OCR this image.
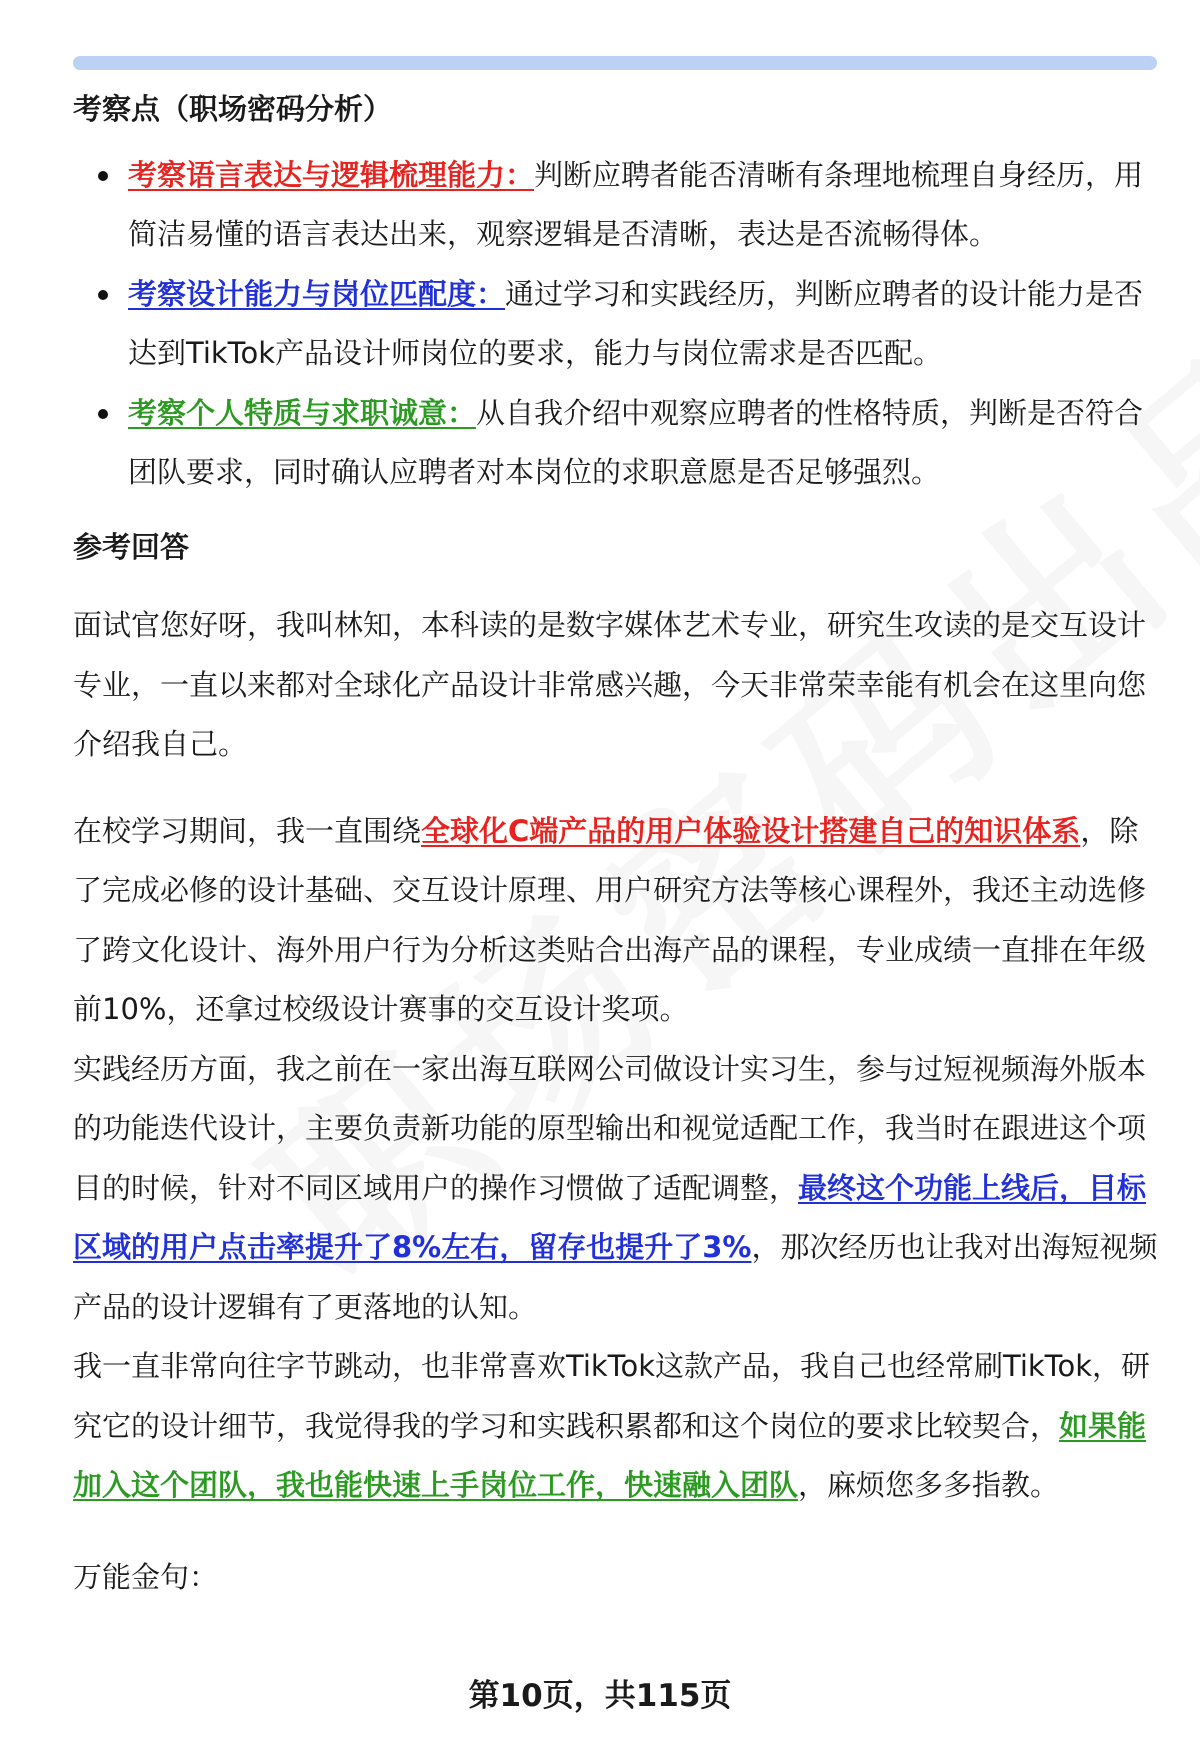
考察点（职场密码分析）
考察语言表达与逻辑梳理能力：判断应聘者能否清晰有条理地梳理自身经历，用简洁易懂的语言表达出来，观察逻辑是否清晰，表达是否流畅得体。
考察设计能力与岗位匹配度：通过学习和实践经历，判断应聘者的设计能力是否达到TikTok产品设计师岗位的要求，能力与岗位需求是否匹配。
考察个人特质与求职诚意：从自我介绍中观察应聘者的性格特质，判断是否符合团队要求，同时确认应聘者对本岗位的求职意愿是否足够强烈。
参考回答

面试官您好呀，我叫林知，本科读的是数字媒体艺术专业，研究生攻读的是交互设计专业，一直以来都对全球化产品设计非常感兴趣，今天非常荣幸能有机会在这里向您介绍我自己。

在校学习期间，我一直围绕全球化C端产品的用户体验设计搭建自己的知识体系，除了完成必修的设计基础、交互设计原理、用户研究方法等核心课程外，我还主动选修了跨文化设计、海外用户行为分析这类贴合出海产品的课程，专业成绩一直排在年级前10%，还拿过校级设计赛事的交互设计奖项。

实践经历方面，我之前在一家出海互联网公司做设计实习生，参与过短视频海外版本的功能迭代设计，主要负责新功能的原型输出和视觉适配工作，我当时在跟进这个项目的时候，针对不同区域用户的操作习惯做了适配调整，最终这个功能上线后，目标区域的用户点击率提升了8%左右，留存也提升了3%，那次经历也让我对出海短视频产品的设计逻辑有了更落地的认知。

我一直非常向往字节跳动，也非常喜欢TikTok这款产品，我自己也经常刷TikTok，研究它的设计细节，我觉得我的学习和实践积累都和这个岗位的要求比较契合，如果能加入这个团队，我也能快速上手岗位工作，快速融入团队，麻烦您多多指教。

万能金句：

第10页，共115页
